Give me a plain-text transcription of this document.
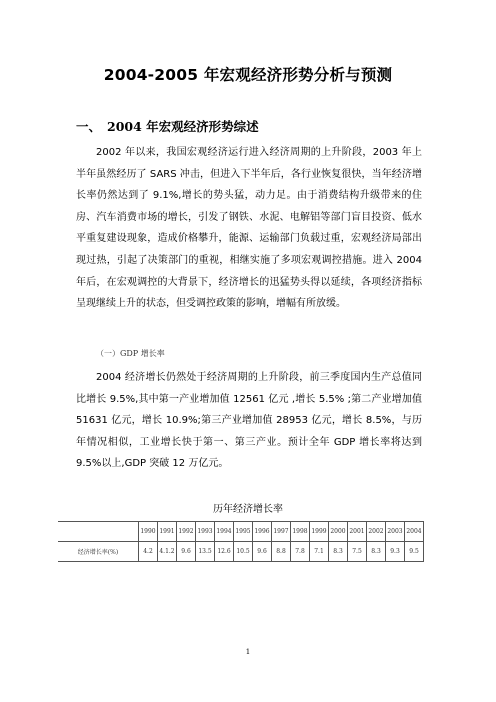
2004-2005 年宏观经济形势分析与预测
一、 2004 年宏观经济形势综述

2002 年以来，我国宏观经济运行进入经济周期的上升阶段，2003 年上半年虽然经历了 SARS 冲击，但进入下半年后，各行业恢复很快，当年经济增长率仍然达到了 9.1%,增长的势头猛，动力足。由于消费结构升级带来的住房、汽车消费市场的增长，引发了钢铁、水泥、电解铝等部门盲目投资、低水平重复建设现象，造成价格攀升，能源、运输部门负载过重，宏观经济局部出现过热，引起了决策部门的重视，相继实施了多项宏观调控措施。进入 2004 年后，在宏观调控的大背景下，经济增长的迅猛势头得以延续，各项经济指标呈现继续上升的状态，但受调控政策的影响，增幅有所放缓。

（一）GDP 增长率

2004 经济增长仍然处于经济周期的上升阶段，前三季度国内生产总值同比增长 9.5%,其中第一产业增加值 12561 亿元 ,增长 5.5% ;第二产业增加值 51631 亿元，增长 10.9%;第三产业增加值 28953 亿元，增长 8.5%，与历年情况相似，工业增长快于第一、第三产业。预计全年 GDP 增长率将达到 9.5%以上,GDP 突破 12 万亿元。

历年经济增长率
	1990	1991	1992	1993	1994	1995	1996	1997	1998	1999	2000	2001	2002	2003	2004
经济增长率(%)	4.2	4.1.2	9.6	13.5	12.6	10.5	9.6	8.8	7.8	7.1	8.3	7.5	8.3	9.3	9.5
1
